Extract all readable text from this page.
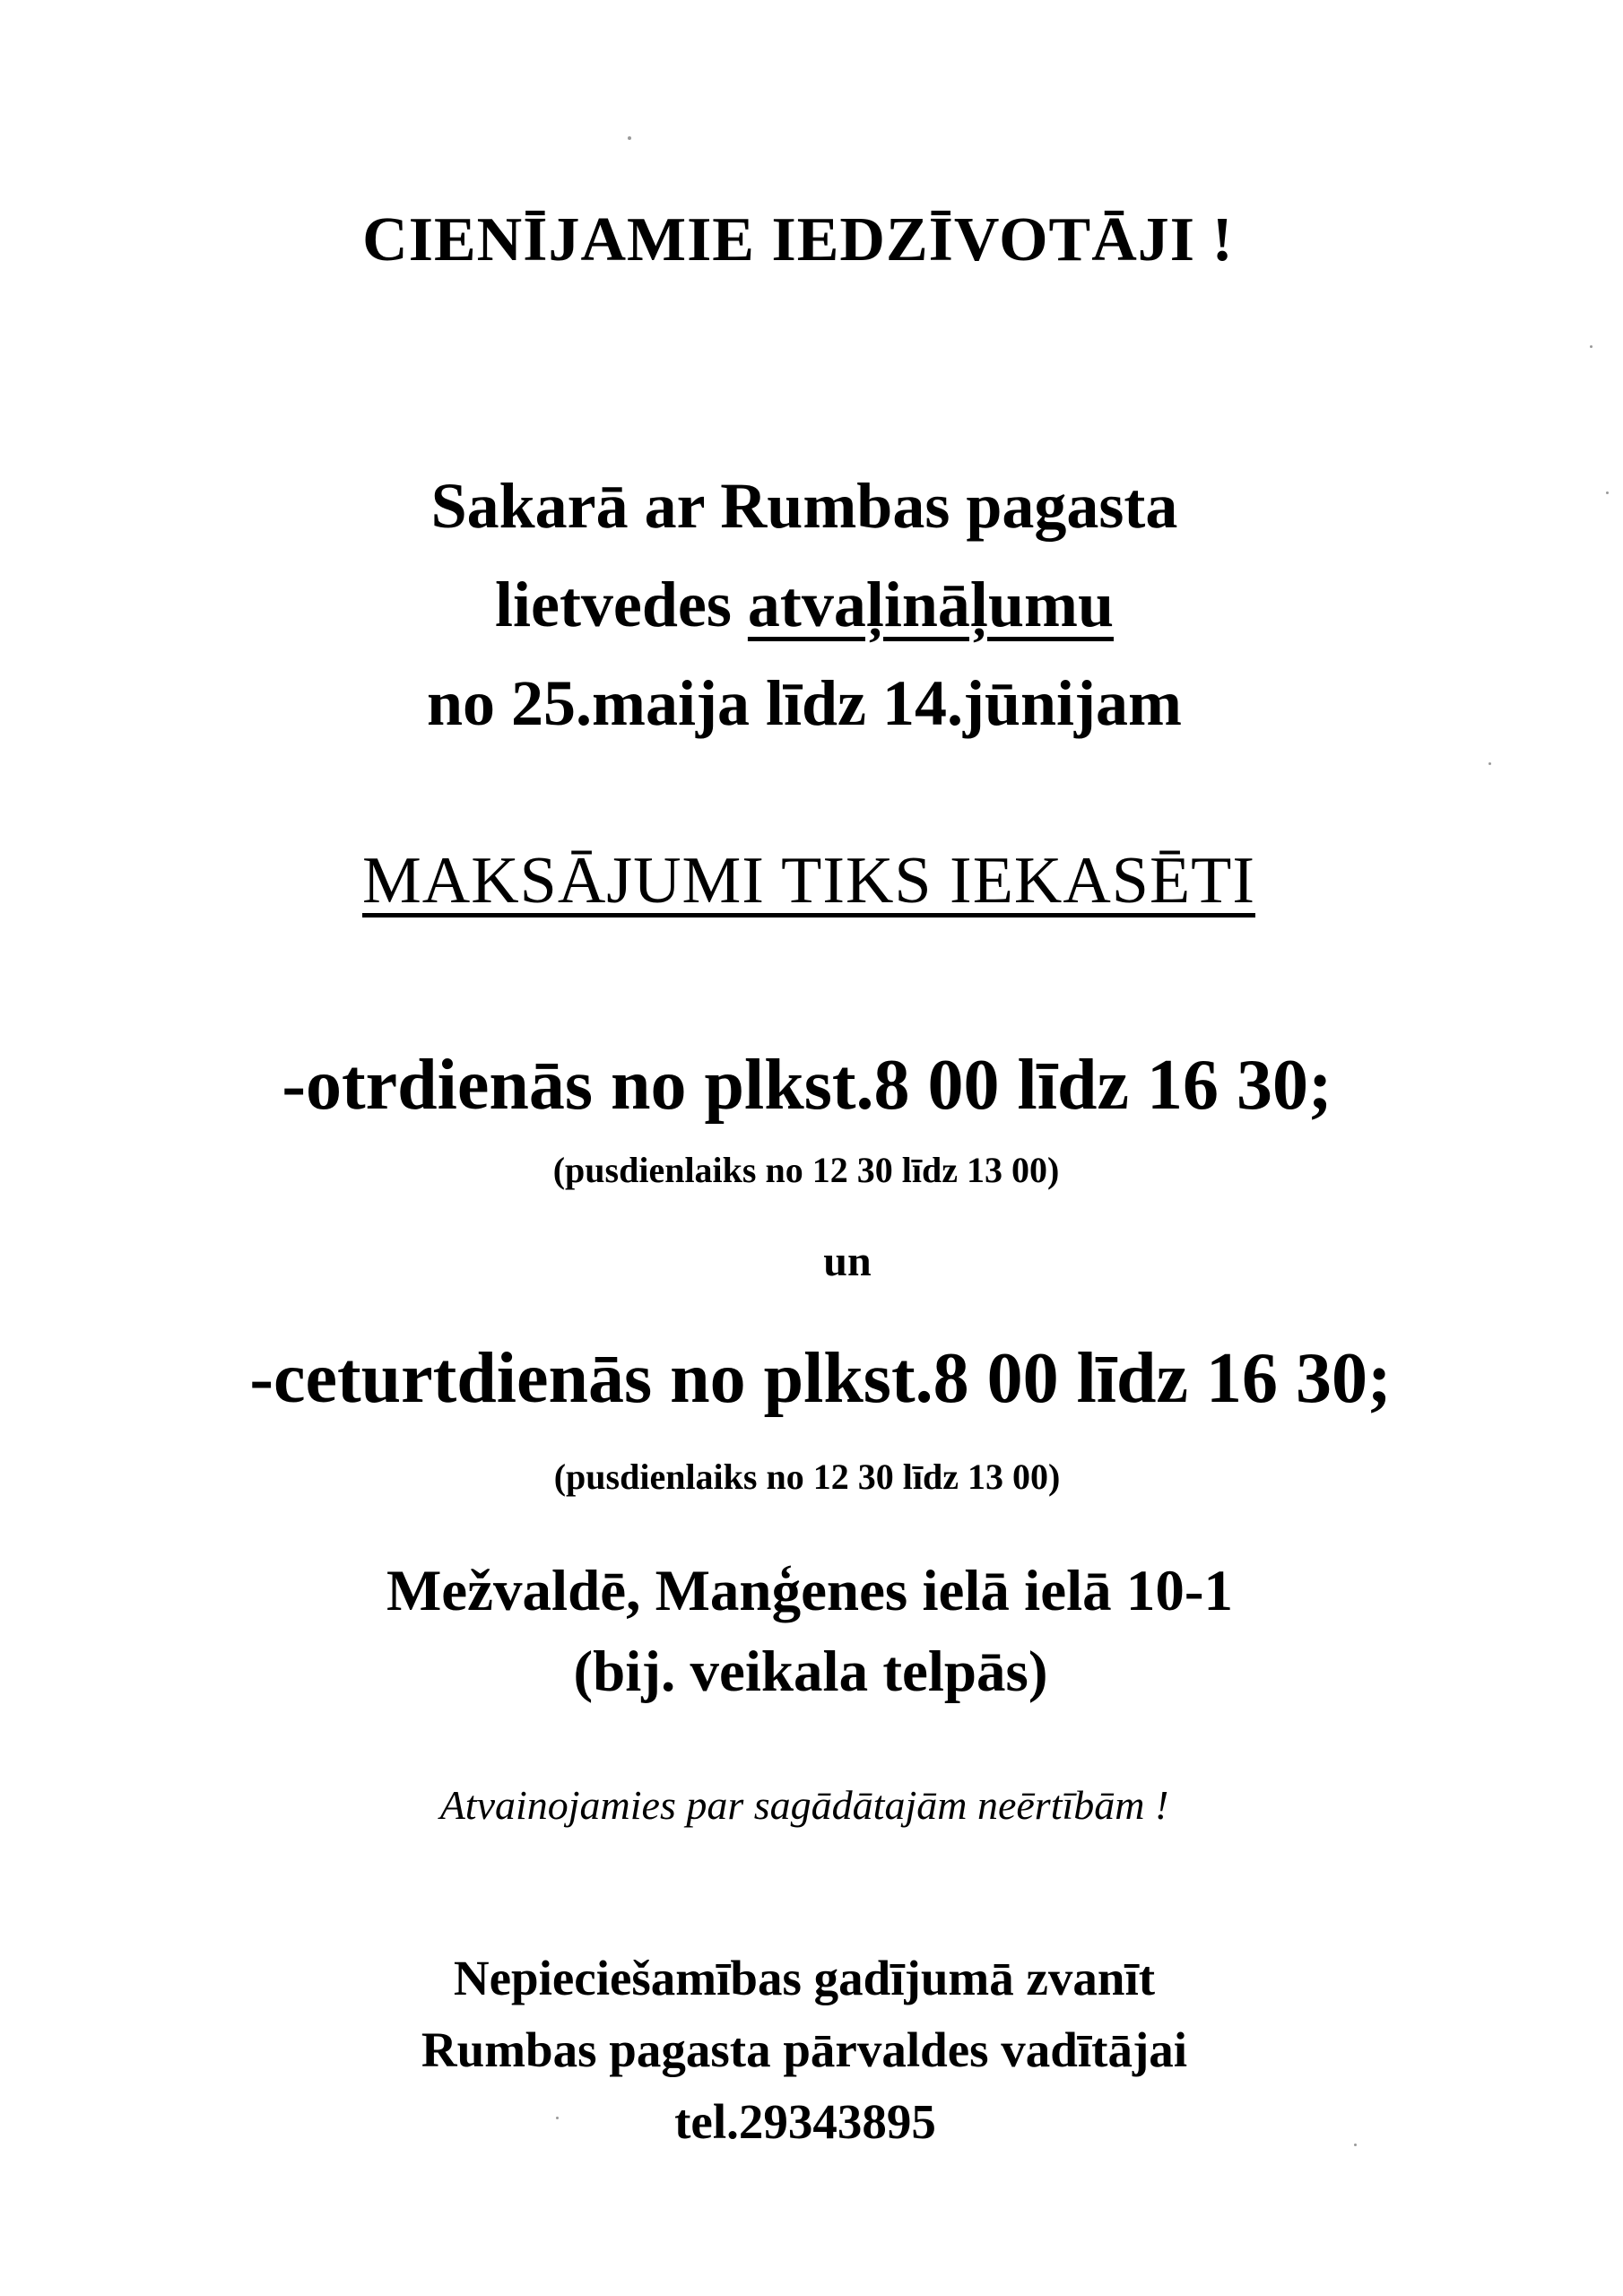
CIENĪJAMIE IEDZĪVOTĀJI !
Sakarā ar Rumbas pagasta
lietvedes atvaļināļumu
no 25.maija līdz 14.jūnijam
MAKSĀJUMI TIKS IEKASĒTI
-otrdienās no plkst.8 00 līdz 16 30;
(pusdienlaiks no 12 30 līdz 13 00)
un
-ceturtdienās no plkst.8 00 līdz 16 30;
(pusdienlaiks no 12 30 līdz 13 00)
Mežvaldē, Manģenes ielā ielā 10-1
(bij. veikala telpās)
Atvainojamies par sagādātajām neērtībām !
Nepieciešamības gadījumā zvanīt
Rumbas pagasta pārvaldes vadītājai
tel.29343895
